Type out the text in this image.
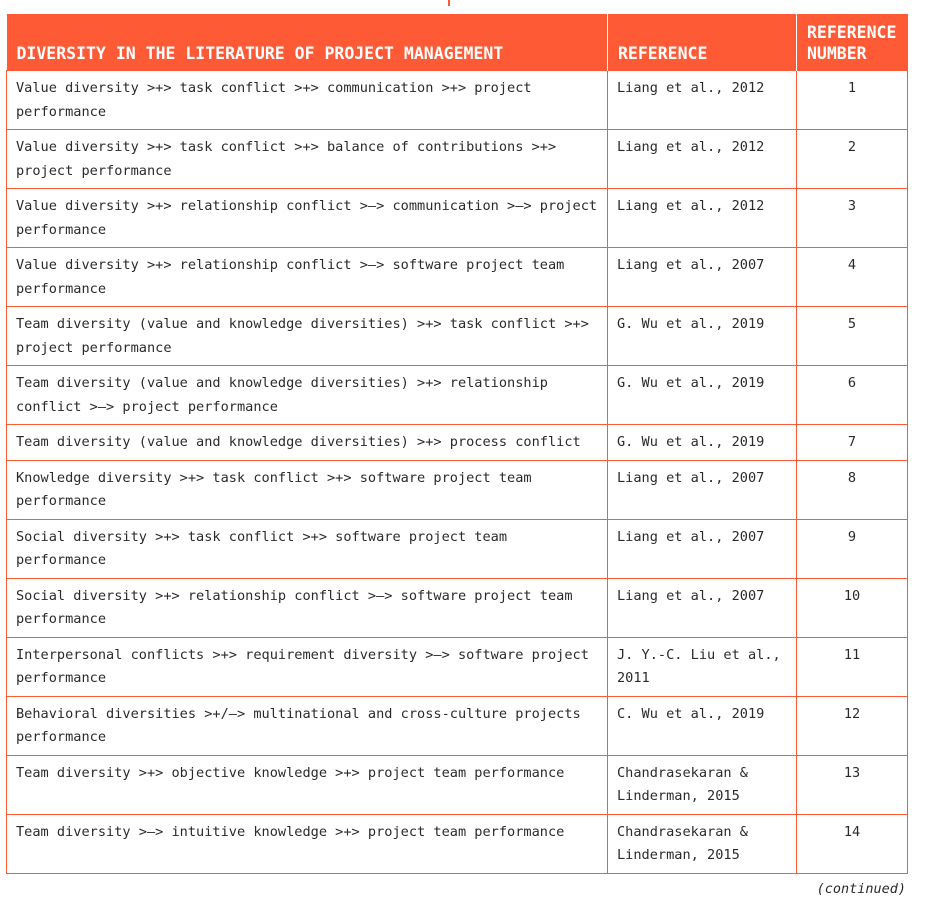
DIVERSITY IN THE LITERATURE OF PROJECT MANAGEMENT	REFERENCE	REFERENCE
NUMBER
Value diversity >+> task conflict >+> communication >+> project performance	Liang et al., 2012	1
Value diversity >+> task conflict >+> balance of contributions >+> project performance	Liang et al., 2012	2
Value diversity >+> relationship conflict >–> communication >–> project performance	Liang et al., 2012	3
Value diversity >+> relationship conflict >–> software project team performance	Liang et al., 2007	4
Team diversity (value and knowledge diversities) >+> task conflict >+> project performance	G. Wu et al., 2019	5
Team diversity (value and knowledge diversities) >+> relationship conflict >–> project performance	G. Wu et al., 2019	6
Team diversity (value and knowledge diversities) >+> process conflict	G. Wu et al., 2019	7
Knowledge diversity >+> task conflict >+> software project team performance	Liang et al., 2007	8
Social diversity >+> task conflict >+> software project team performance	Liang et al., 2007	9
Social diversity >+> relationship conflict >–> software project team performance	Liang et al., 2007	10
Interpersonal conflicts >+> requirement diversity >–> software project performance	J. Y.-C. Liu et al., 2011	11
Behavioral diversities >+/–> multinational and cross-culture projects performance	C. Wu et al., 2019	12
Team diversity >+> objective knowledge >+> project team performance	Chandrasekaran & Linderman, 2015	13
Team diversity >–> intuitive knowledge >+> project team performance	Chandrasekaran & Linderman, 2015	14
(continued)
